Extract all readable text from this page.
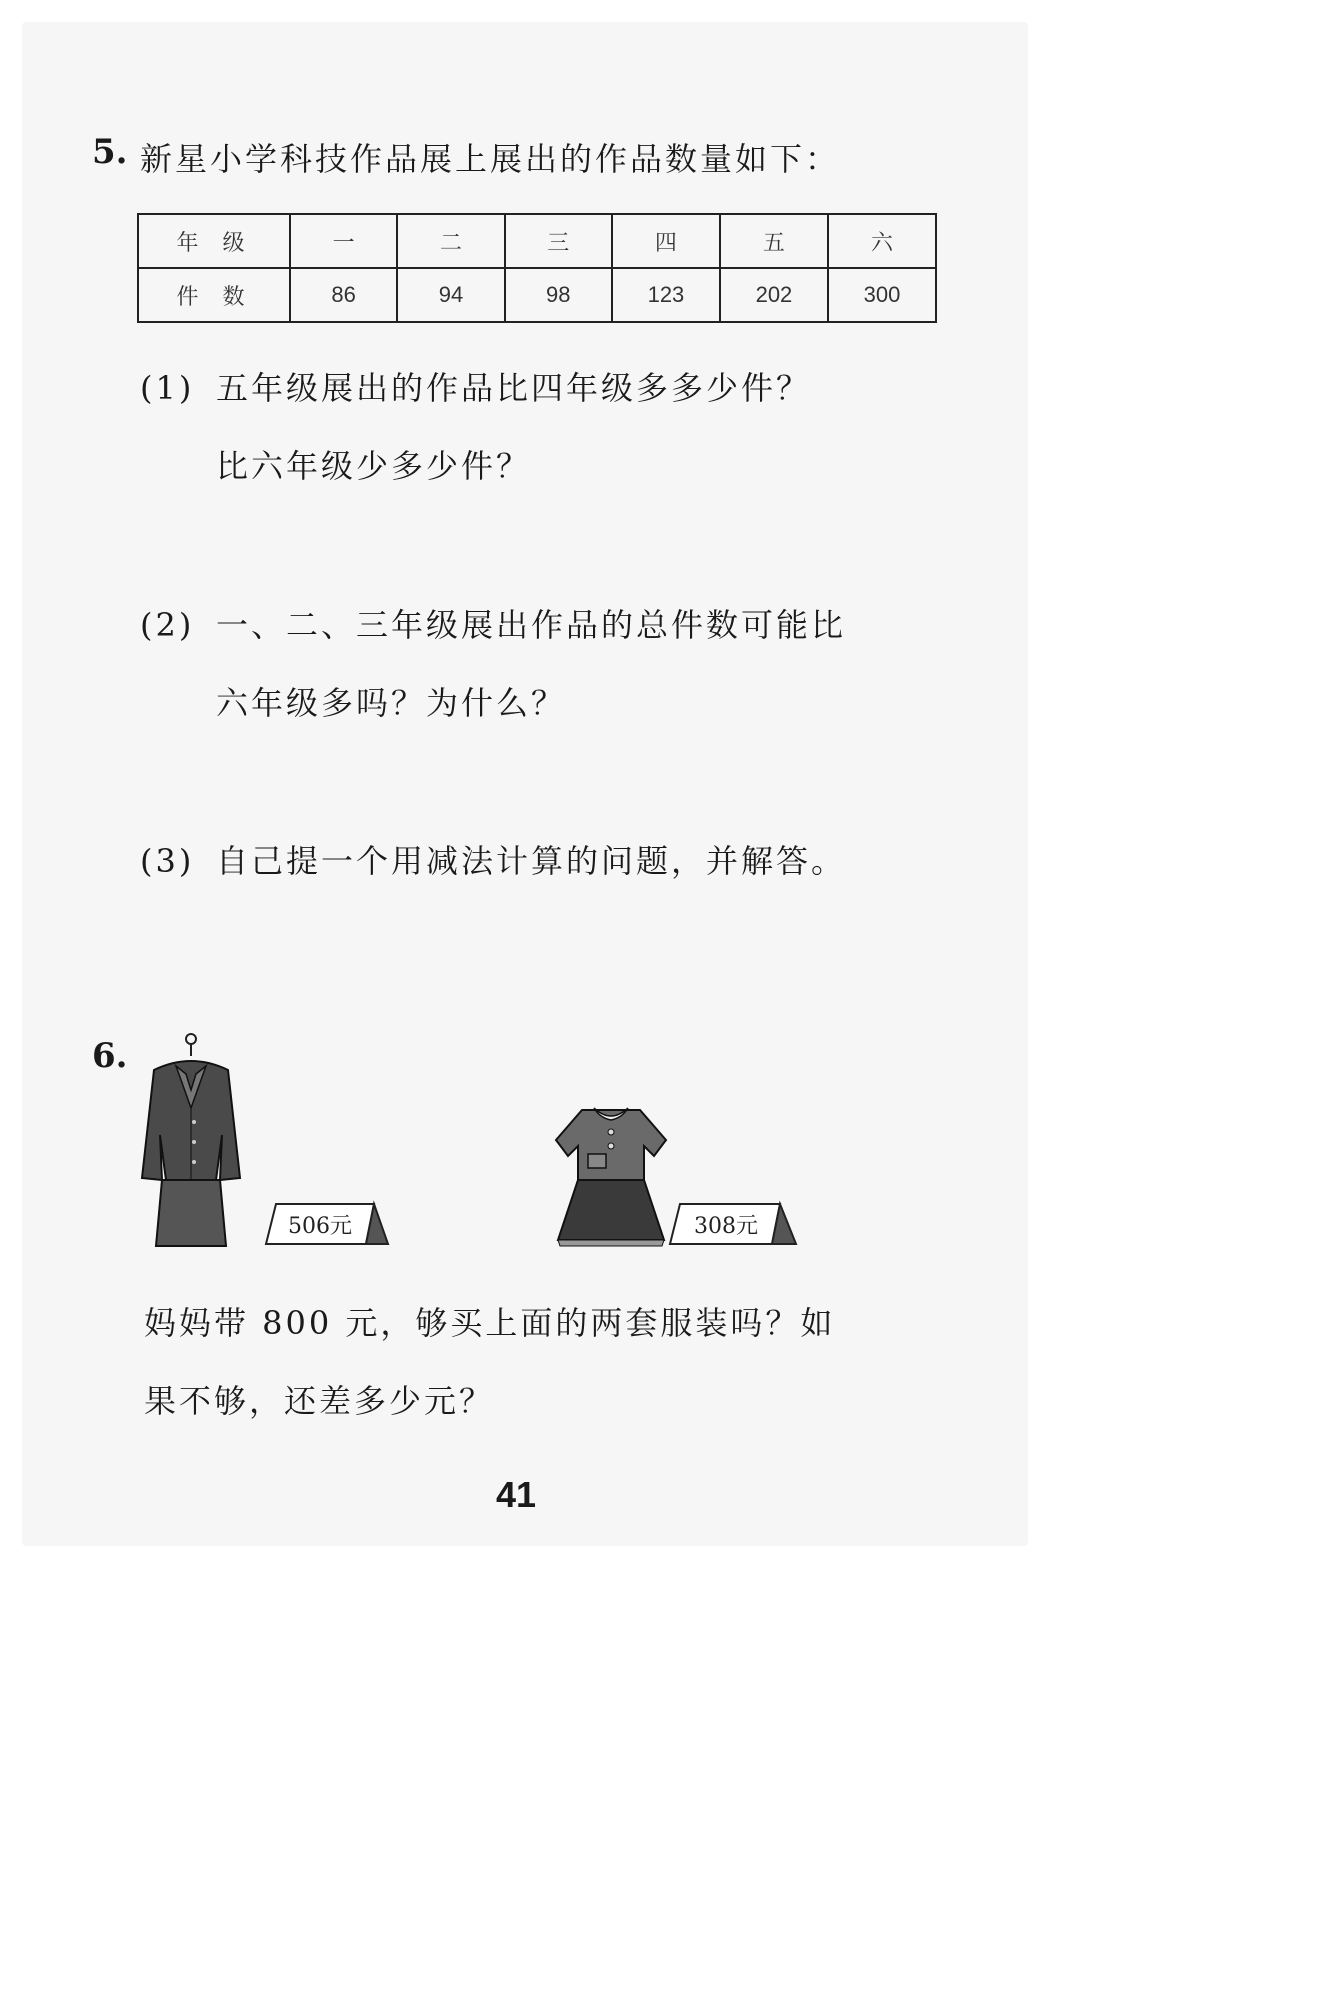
5. 新星小学科技作品展上展出的作品数量如下：
年级	一	二	三	四	五	六
件数	86	94	98	123	202	300
(1) 五年级展出的作品比四年级多多少件？
比六年级少多少件？
(2) 一、二、三年级展出作品的总件数可能比
六年级多吗？为什么？
(3) 自己提一个用减法计算的问题，并解答。
6.
506元	308元
妈妈带 800 元，够买上面的两套服装吗？如
果不够，还差多少元？
41
